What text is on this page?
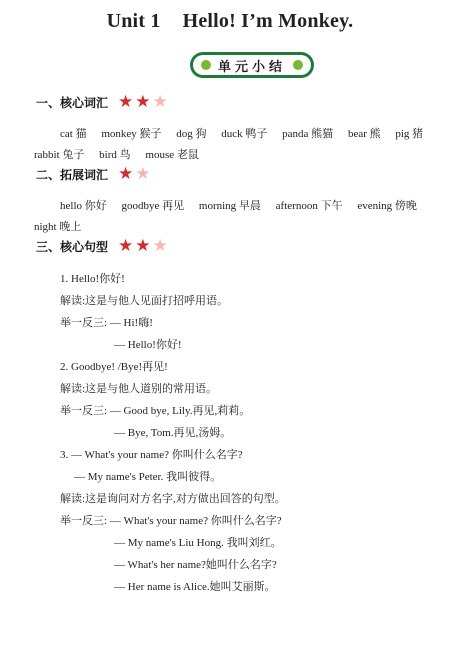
Unit 1 Hello! I’m Monkey.
单元小结
一、核心词汇 ★ ★ ★
cat 猫 monkey 猴子 dog 狗 duck 鸭子 panda 熊猫 bear 熊 pig 猪
rabbit 兔子 bird 鸟 mouse 老鼠
二、拓展词汇 ★ ★
hello 你好 goodbye 再见 morning 早晨 afternoon 下午 evening 傍晚
night 晚上
三、核心句型 ★ ★ ★
1. Hello!你好!
解读:这是与他人见面打招呼用语。
举一反三: — Hi!嗨!
— Hello!你好!
2. Goodbye! /Bye!再见!
解读:这是与他人道别的常用语。
举一反三: — Good bye, Lily.再见,莉莉。
— Bye, Tom.再见,汤姆。
3. — What's your name? 你叫什么名字?
— My name's Peter. 我叫彼得。
解读:这是询问对方名字,对方做出回答的句型。
举一反三: — What's your name? 你叫什么名字?
— My name's Liu Hong. 我叫刘红。
— What's her name?她叫什么名字?
— Her name is Alice.她叫艾丽斯。
